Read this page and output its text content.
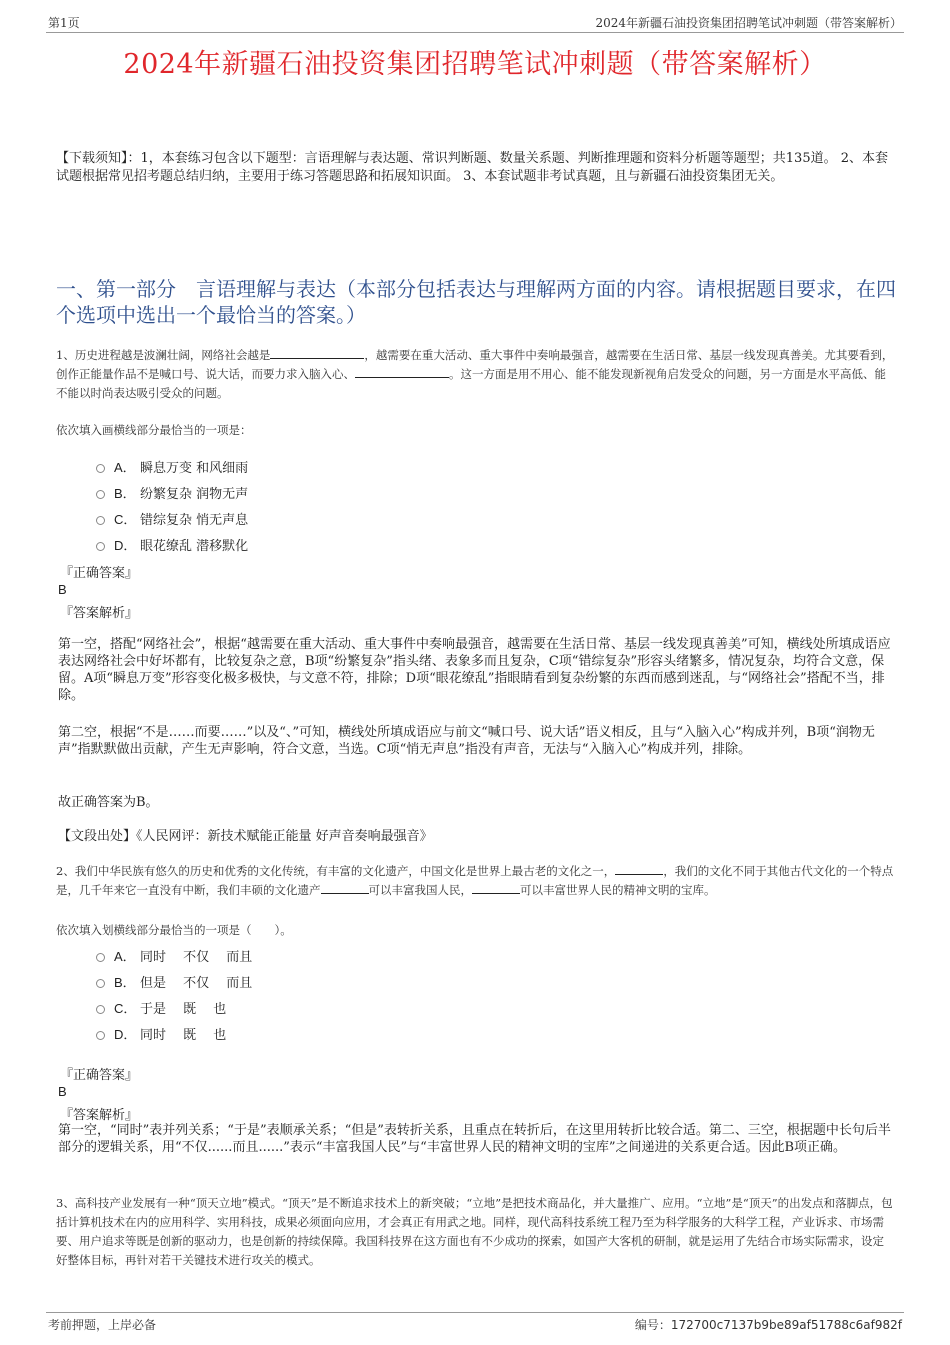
第1页	2024年新疆石油投资集团招聘笔试冲刺题（带答案解析）
2024年新疆石油投资集团招聘笔试冲刺题（带答案解析）
【下载须知】：1，本套练习包含以下题型：言语理解与表达题、常识判断题、数量关系题、判断推理题和资料分析题等题型；共135道。 2、本套试题根据常见招考题总结归纳，主要用于练习答题思路和拓展知识面。 3、本套试题非考试真题，且与新疆石油投资集团无关。
一、第一部分　言语理解与表达（本部分包括表达与理解两方面的内容。请根据题目要求，在四个选项中选出一个最恰当的答案。）
1、历史进程越是波澜壮阔，网络社会越是	，越需要在重大活动、重大事件中奏响最强音，越需要在生活日常、基层一线发现真善美。尤其要看到，创作正能量作品不是喊口号、说大话，而要力求入脑入心、	。这一方面是用不用心、能不能发现新视角启发受众的问题，另一方面是水平高低、能不能以时尚表达吸引受众的问题。
依次填入画横线部分最恰当的一项是：
A． 瞬息万变 和风细雨
B． 纷繁复杂 润物无声
C． 错综复杂 悄无声息
D． 眼花缭乱 潜移默化
『正确答案』
B
『答案解析』
第一空，搭配“网络社会”，根据“越需要在重大活动、重大事件中奏响最强音，越需要在生活日常、基层一线发现真善美”可知，横线处所填成语应表达网络社会中好坏都有，比较复杂之意，B项“纷繁复杂”指头绪、表象多而且复杂，C项“错综复杂”形容头绪繁多，情况复杂，均符合文意，保留。A项“瞬息万变”形容变化极多极快，与文意不符，排除；D项“眼花缭乱”指眼睛看到复杂纷繁的东西而感到迷乱，与“网络社会”搭配不当，排除。
第二空，根据“不是……而要……”以及“、”可知，横线处所填成语应与前文“喊口号、说大话”语义相反，且与“入脑入心”构成并列，B项“润物无声”指默默做出贡献，产生无声影响，符合文意，当选。C项“悄无声息”指没有声音，无法与“入脑入心”构成并列，排除。
故正确答案为B。
【文段出处】《人民网评：新技术赋能正能量 好声音奏响最强音》
2、我们中华民族有悠久的历史和优秀的文化传统，有丰富的文化遗产，中国文化是世界上最古老的文化之一，	，我们的文化不同于其他古代文化的一个特点是，几千年来它一直没有中断，我们丰硕的文化遗产	可以丰富我国人民，	可以丰富世界人民的精神文明的宝库。
依次填入划横线部分最恰当的一项是（　　）。
A． 同时　 不仅　 而且
B． 但是　 不仅　 而且
C． 于是　 既　 也
D． 同时　 既　 也
『正确答案』
B
『答案解析』
第一空，“同时”表并列关系；“于是”表顺承关系；“但是”表转折关系，且重点在转折后，在这里用转折比较合适。第二、三空，根据题中长句后半部分的逻辑关系，用“不仅......而且......”表示“丰富我国人民”与“丰富世界人民的精神文明的宝库”之间递进的关系更合适。因此B项正确。
3、高科技产业发展有一种“顶天立地”模式。“顶天”是不断追求技术上的新突破；“立地”是把技术商品化，并大量推广、应用。“立地”是“顶天”的出发点和落脚点，包括计算机技术在内的应用科学、实用科技，成果必须面向应用，才会真正有用武之地。同样，现代高科技系统工程乃至为科学服务的大科学工程，产业诉求、市场需要、用户追求等既是创新的驱动力，也是创新的持续保障。我国科技界在这方面也有不少成功的探索，如国产大客机的研制，就是运用了先结合市场实际需求，设定好整体目标，再针对若干关键技术进行攻关的模式。
考前押题，上岸必备	编号：172700c7137b9be89af51788c6af982f
